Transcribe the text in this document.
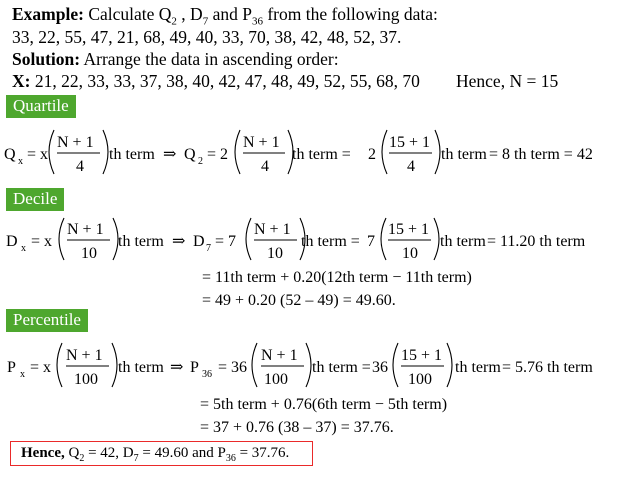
Example: Calculate $Q_2$ , $D_7$ and $P_{36}$ from the following data:
33, 22, 55, 47, 21, 68, 49, 40, 33, 70, 38, 42, 48, 52, 37.
Solution: Arrange the data in ascending order:
X: 21, 22, 33, 33, 37, 38, 40, 42, 47, 48, 49, 52, 55, 68, 70 Hence, N = 15
Quartile
Q x = x
N + 1
4
th term ⇒ Q 2 = 2
N + 1
4
th term = 2
15 + 1
4
th term = 8 th term = 42
Decile
D x = x
N + 1
10
th term ⇒ D 7 = 7
N + 1
10
th term = 7
15 + 1
10
th term = 11.20 th term
= 11th term + 0.20(12th term − 11th term)
= 49 + 0.20 (52 – 49) = 49.60.
Percentile
P x = x
N + 1
100
th term ⇒ P 36 = 36
N + 1
100
th term = 36
15 + 1
100
th term = 5.76 th term
= 5th term + 0.76(6th term − 5th term)
= 37 + 0.76 (38 – 37) = 37.76.
Hence, $Q_2 = 42$, $D_7 = 49.60$ and $P_{36} = 37.76$.
